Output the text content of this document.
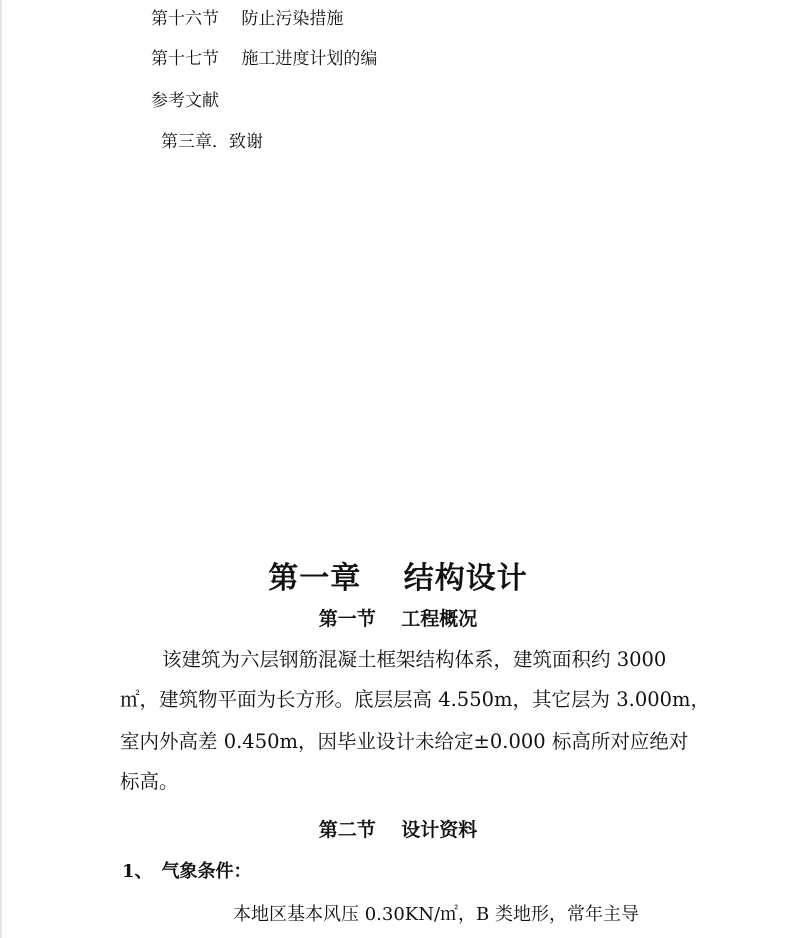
第十六节　 防止污染措施
第十七节　 施工进度计划的编
参考文献
第三章．致谢
第一章　 结构设计
第一节　 工程概况
该建筑为六层钢筋混凝土框架结构体系，建筑面积约 3000
㎡，建筑物平面为长方形。底层层高 4.550m，其它层为 3.000m，
室内外高差 0.450m，因毕业设计未给定±0.000 标高所对应绝对
标高。
第二节　 设计资料
1、　气象条件：
本地区基本风压 0.30KN/㎡，B 类地形，常年主导
